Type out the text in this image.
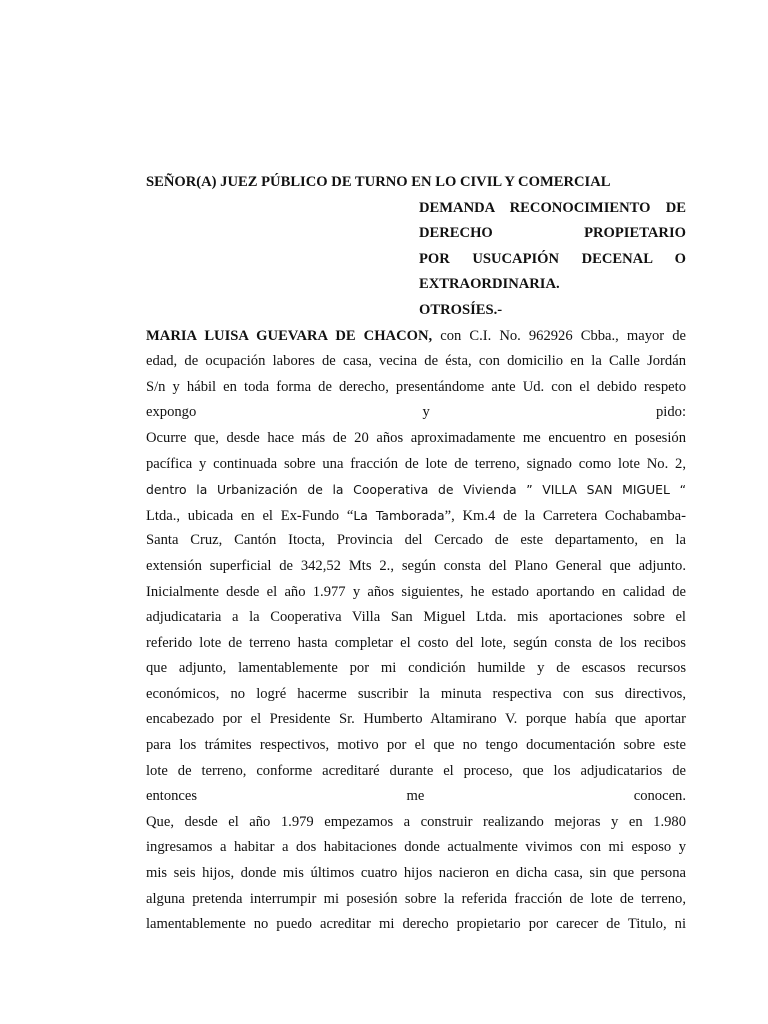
SEÑOR(A) JUEZ PÚBLICO DE TURNO EN LO CIVIL Y COMERCIAL
DEMANDA RECONOCIMIENTO DE
DERECHO PROPIETARIO
POR USUCAPIÓN DECENAL O
EXTRAORDINARIA.
OTROSÍES.-
MARIA LUISA GUEVARA DE CHACON, con C.I. No. 962926 Cbba., mayor de
edad, de ocupación labores de casa, vecina de ésta, con domicilio en la Calle Jordán
S/n y hábil en toda forma de derecho, presentándome ante Ud. con el debido respeto
expongo	y	pido:
Ocurre que, desde hace más de 20 años aproximadamente me encuentro en posesión
pacífica y continuada sobre una fracción de lote de terreno, signado como lote No. 2,
dentro la Urbanización de la Cooperativa de Vivienda ” VILLA SAN MIGUEL “
Ltda., ubicada en el Ex-Fundo “La Tamborada”, Km.4 de la Carretera Cochabamba-
Santa Cruz, Cantón Itocta, Provincia del Cercado de este departamento, en la
extensión superficial de 342,52 Mts 2., según consta del Plano General que adjunto.
Inicialmente desde el año 1.977 y años siguientes, he estado aportando en calidad de
adjudicataria a la Cooperativa Villa San Miguel Ltda. mis aportaciones sobre el
referido lote de terreno hasta completar el costo del lote, según consta de los recibos
que adjunto, lamentablemente por mi condición humilde y de escasos recursos
económicos, no logré hacerme suscribir la minuta respectiva con sus directivos,
encabezado por el Presidente Sr. Humberto Altamirano V. porque había que aportar
para los trámites respectivos, motivo por el que no tengo documentación sobre este
lote de terreno, conforme acreditaré durante el proceso, que los adjudicatarios de
entonces	me	conocen.
Que, desde el año 1.979 empezamos a construir realizando mejoras y en 1.980
ingresamos a habitar a dos habitaciones donde actualmente vivimos con mi esposo y
mis seis hijos, donde mis últimos cuatro hijos nacieron en dicha casa, sin que persona
alguna pretenda interrumpir mi posesión sobre la referida fracción de lote de terreno,
lamentablemente no puedo acreditar mi derecho propietario por carecer de Titulo, ni
